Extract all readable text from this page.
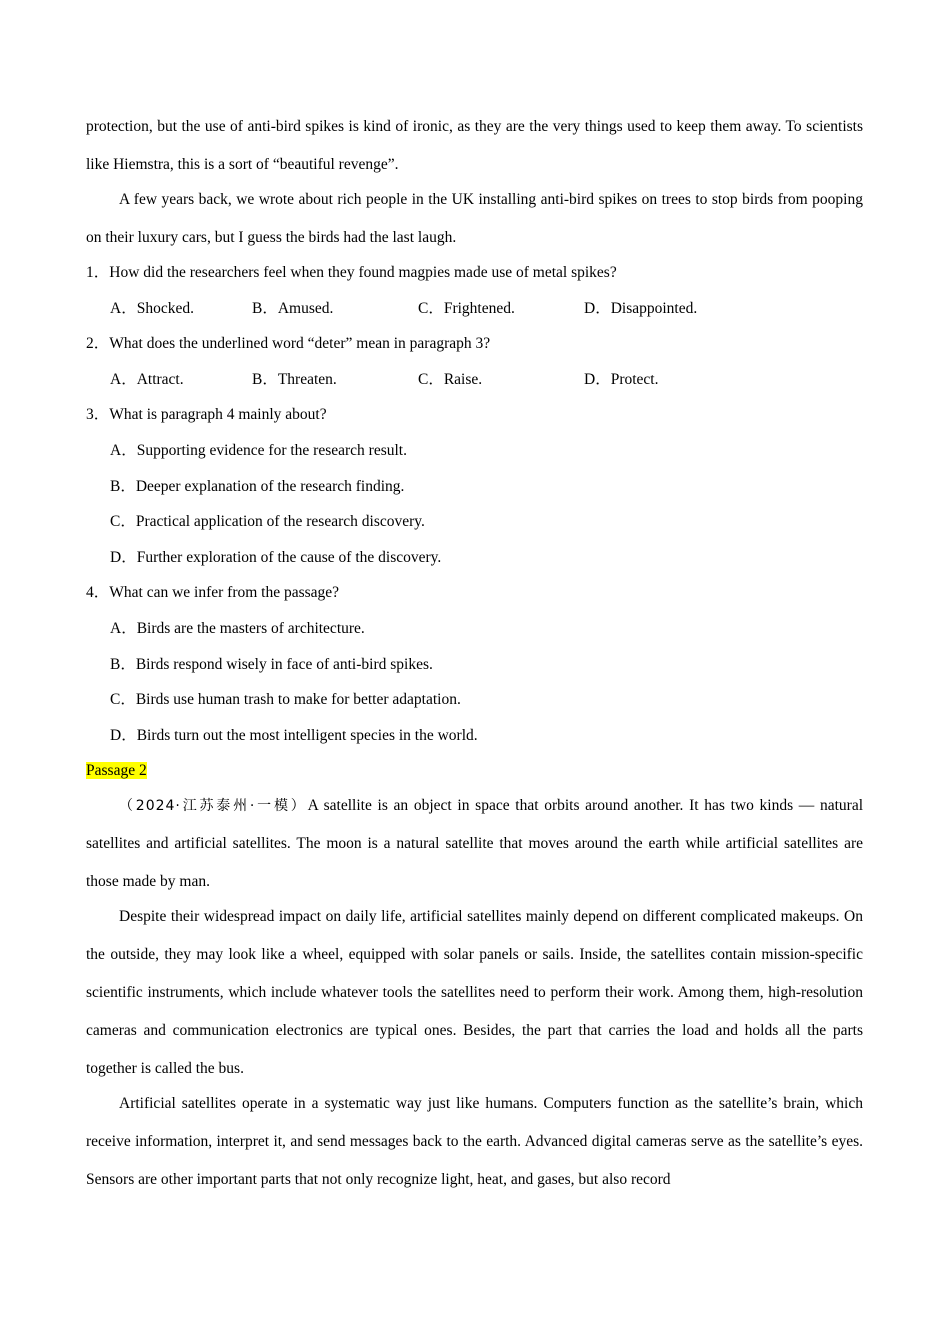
protection, but the use of anti-bird spikes is kind of ironic, as they are the very things used to keep them away. To scientists like Hiemstra, this is a sort of “beautiful revenge”.

A few years back, we wrote about rich people in the UK installing anti-bird spikes on trees to stop birds from pooping on their luxury cars, but I guess the birds had the last laugh.

1．How did the researchers feel when they found magpies made use of metal spikes?

A．Shocked.	B．Amused.	C．Frightened.	D．Disappointed.

2．What does the underlined word “deter” mean in paragraph 3?

A．Attract.	B．Threaten.	C．Raise.	D．Protect.

3．What is paragraph 4 mainly about?

A．Supporting evidence for the research result.

B．Deeper explanation of the research finding.

C．Practical application of the research discovery.

D．Further exploration of the cause of the discovery.

4．What can we infer from the passage?

A．Birds are the masters of architecture.

B．Birds respond wisely in face of anti-bird spikes.

C．Birds use human trash to make for better adaptation.

D．Birds turn out the most intelligent species in the world.

Passage 2

（2024·江苏泰州·一模）A satellite is an object in space that orbits around another. It has two kinds — natural satellites and artificial satellites. The moon is a natural satellite that moves around the earth while artificial satellites are those made by man.

Despite their widespread impact on daily life, artificial satellites mainly depend on different complicated makeups. On the outside, they may look like a wheel, equipped with solar panels or sails. Inside, the satellites contain mission-specific scientific instruments, which include whatever tools the satellites need to perform their work. Among them, high-resolution cameras and communication electronics are typical ones. Besides, the part that carries the load and holds all the parts together is called the bus.

Artificial satellites operate in a systematic way just like humans. Computers function as the satellite’s brain, which receive information, interpret it, and send messages back to the earth. Advanced digital cameras serve as the satellite’s eyes. Sensors are other important parts that not only recognize light, heat, and gases, but also record
